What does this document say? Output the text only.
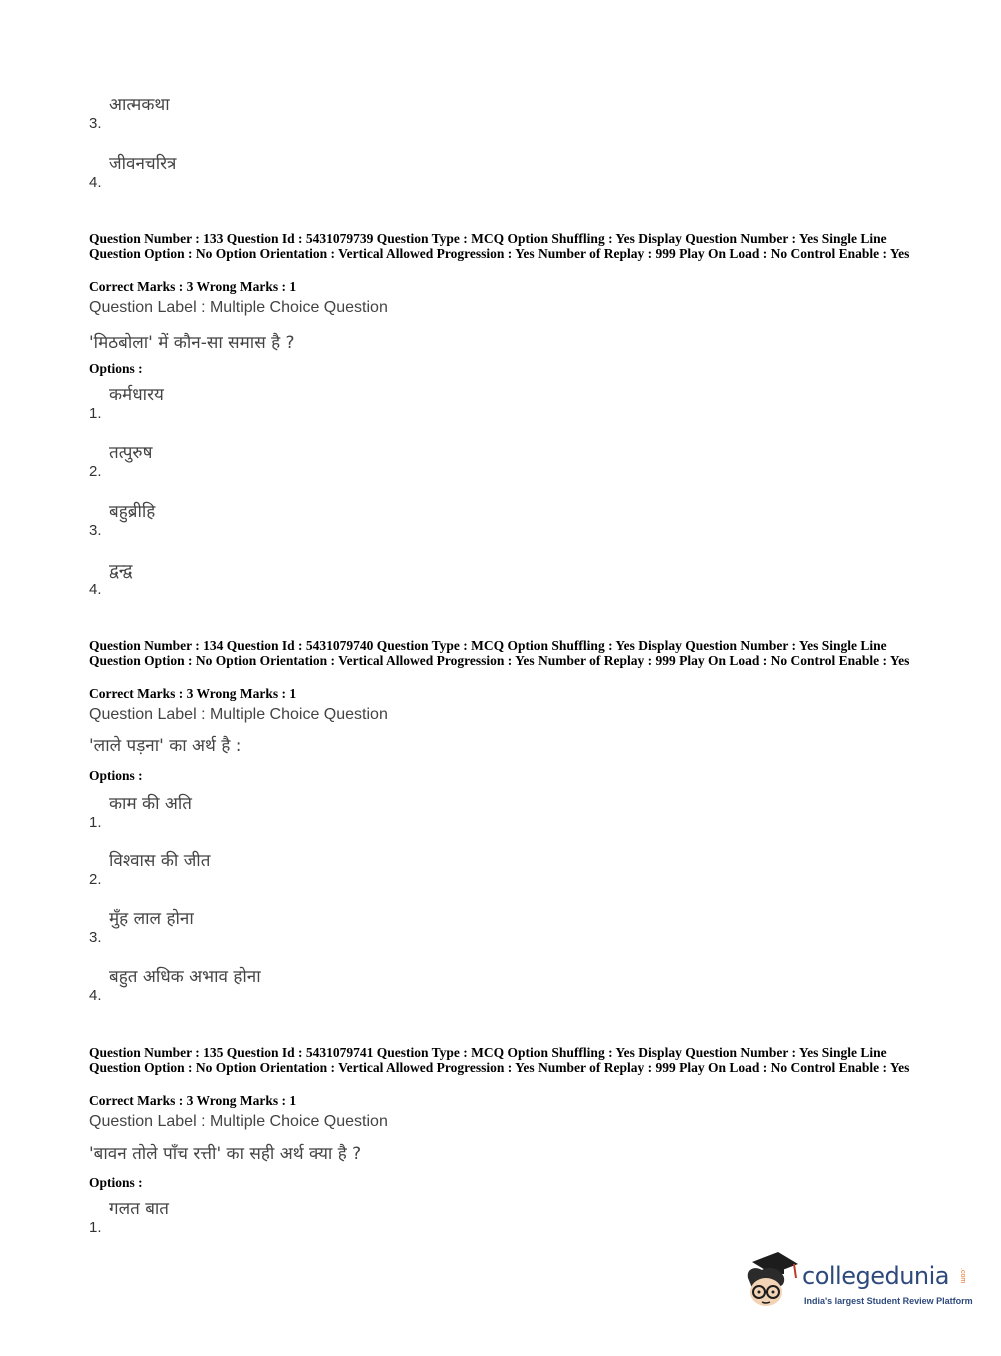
3.
आत्मकथा
4.
जीवनचरित्र
Question Number : 133 Question Id : 5431079739 Question Type : MCQ Option Shuffling : Yes Display Question Number : Yes Single Line Question Option : No Option Orientation : Vertical Allowed Progression : Yes Number of Replay : 999 Play On Load : No Control Enable : Yes
Correct Marks : 3 Wrong Marks : 1
Question Label : Multiple Choice Question
'मिठबोला' में कौन-सा समास है ?
Options :
1.
कर्मधारय
2.
तत्पुरुष
3.
बहुब्रीहि
4.
द्वन्द्व
Question Number : 134 Question Id : 5431079740 Question Type : MCQ Option Shuffling : Yes Display Question Number : Yes Single Line Question Option : No Option Orientation : Vertical Allowed Progression : Yes Number of Replay : 999 Play On Load : No Control Enable : Yes
Correct Marks : 3 Wrong Marks : 1
Question Label : Multiple Choice Question
'लाले पड़ना' का अर्थ है :
Options :
1.
काम की अति
2.
विश्वास की जीत
3.
मुँह लाल होना
4.
बहुत अधिक अभाव होना
Question Number : 135 Question Id : 5431079741 Question Type : MCQ Option Shuffling : Yes Display Question Number : Yes Single Line Question Option : No Option Orientation : Vertical Allowed Progression : Yes Number of Replay : 999 Play On Load : No Control Enable : Yes
Correct Marks : 3 Wrong Marks : 1
Question Label : Multiple Choice Question
'बावन तोले पाँच रत्ती' का सही अर्थ क्या है ?
Options :
1.
गलत बात
collegedunia .com
India's largest Student Review Platform
